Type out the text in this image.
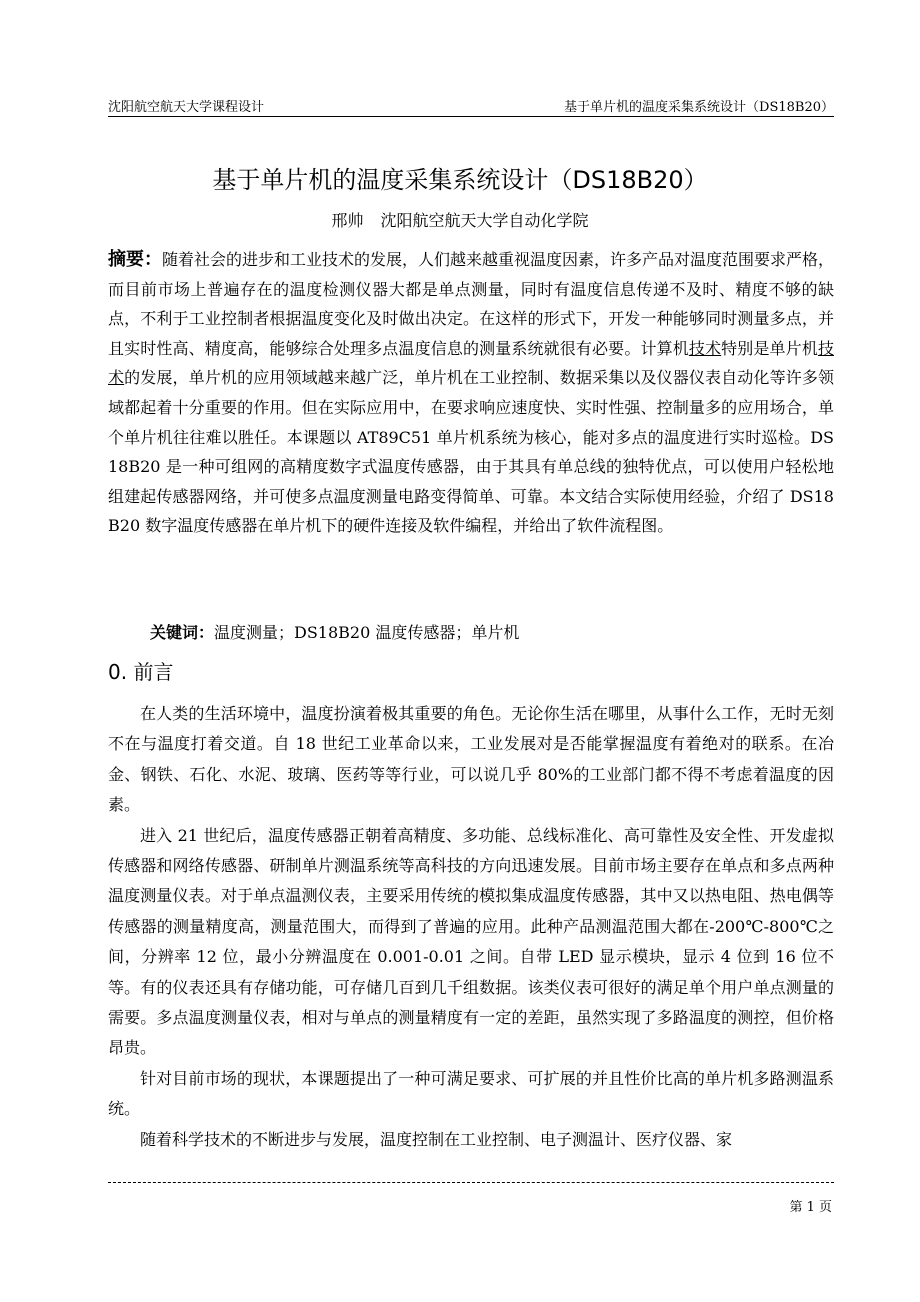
沈阳航空航天大学课程设计	基于单片机的温度采集系统设计（DS18B20）
基于单片机的温度采集系统设计（DS18B20）
邢帅 沈阳航空航天大学自动化学院
摘要：随着社会的进步和工业技术的发展，人们越来越重视温度因素，许多产品对温度范围要求严格，而目前市场上普遍存在的温度检测仪器大都是单点测量，同时有温度信息传递不及时、精度不够的缺点，不利于工业控制者根据温度变化及时做出决定。在这样的形式下，开发一种能够同时测量多点，并且实时性高、精度高，能够综合处理多点温度信息的测量系统就很有必要。计算机技术特别是单片机技术的发展，单片机的应用领域越来越广泛，单片机在工业控制、数据采集以及仪器仪表自动化等许多领域都起着十分重要的作用。但在实际应用中，在要求响应速度快、实时性强、控制量多的应用场合，单个单片机往往难以胜任。本课题以 AT89C51 单片机系统为核心，能对多点的温度进行实时巡检。DS18B20 是一种可组网的高精度数字式温度传感器，由于其具有单总线的独特优点，可以使用户轻松地组建起传感器网络，并可使多点温度测量电路变得简单、可靠。本文结合实际使用经验，介绍了 DS18B20 数字温度传感器在单片机下的硬件连接及软件编程，并给出了软件流程图。
关键词：温度测量；DS18B20 温度传感器；单片机
0. 前言

在人类的生活环境中，温度扮演着极其重要的角色。无论你生活在哪里，从事什么工作，无时无刻不在与温度打着交道。自 18 世纪工业革命以来，工业发展对是否能掌握温度有着绝对的联系。在冶金、钢铁、石化、水泥、玻璃、医药等等行业，可以说几乎 80%的工业部门都不得不考虑着温度的因素。

进入 21 世纪后，温度传感器正朝着高精度、多功能、总线标准化、高可靠性及安全性、开发虚拟传感器和网络传感器、研制单片测温系统等高科技的方向迅速发展。目前市场主要存在单点和多点两种温度测量仪表。对于单点温测仪表，主要采用传统的模拟集成温度传感器，其中又以热电阻、热电偶等传感器的测量精度高，测量范围大，而得到了普遍的应用。此种产品测温范围大都在-200℃-800℃之间，分辨率 12 位，最小分辨温度在 0.001-0.01 之间。自带 LED 显示模块，显示 4 位到 16 位不等。有的仪表还具有存储功能，可存储几百到几千组数据。该类仪表可很好的满足单个用户单点测量的需要。多点温度测量仪表，相对与单点的测量精度有一定的差距，虽然实现了多路温度的测控，但价格昂贵。

针对目前市场的现状，本课题提出了一种可满足要求、可扩展的并且性价比高的单片机多路测温系统。

随着科学技术的不断进步与发展，温度控制在工业控制、电子测温计、医疗仪器、家

第 1 页
